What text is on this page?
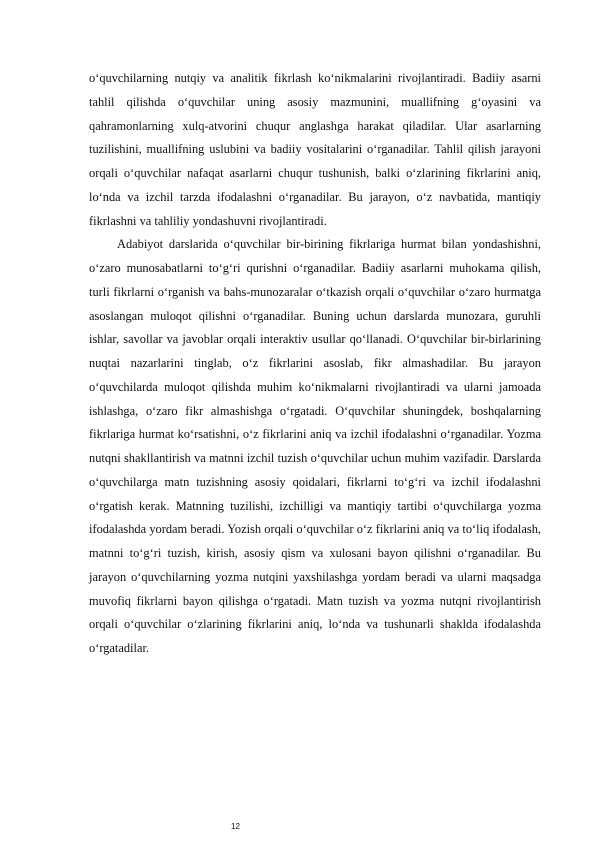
o‘quvchilarning nutqiy va analitik fikrlash ko‘nikmalarini rivojlantiradi. Badiiy asarni tahlil qilishda o‘quvchilar uning asosiy mazmunini, muallifning g‘oyasini va qahramonlarning xulq-atvorini chuqur anglashga harakat qiladilar. Ular asarlarning tuzilishini, muallifning uslubini va badiiy vositalarini o‘rganadilar. Tahlil qilish jarayoni orqali o‘quvchilar nafaqat asarlarni chuqur tushunish, balki o‘zlarining fikrlarini aniq, lo‘nda va izchil tarzda ifodalashni o‘rganadilar. Bu jarayon, o‘z navbatida, mantiqiy fikrlashni va tahliliy yondashuvni rivojlantiradi.

Adabiyot darslarida o‘quvchilar bir-birining fikrlariga hurmat bilan yondashishni, o‘zaro munosabatlarni to‘g‘ri qurishni o‘rganadilar. Badiiy asarlarni muhokama qilish, turli fikrlarni o‘rganish va bahs-munozaralar o‘tkazish orqali o‘quvchilar o‘zaro hurmatga asoslangan muloqot qilishni o‘rganadilar. Buning uchun darslarda munozara, guruhli ishlar, savollar va javoblar orqali interaktiv usullar qo‘llanadi. O‘quvchilar bir-birlarining nuqtai nazarlarini tinglab, o‘z fikrlarini asoslab, fikr almashadilar. Bu jarayon o‘quvchilarda muloqot qilishda muhim ko‘nikmalarni rivojlantiradi va ularni jamoada ishlashga, o‘zaro fikr almashishga o‘rgatadi. O‘quvchilar shuningdek, boshqalarning fikrlariga hurmat ko‘rsatishni, o‘z fikrlarini aniq va izchil ifodalashni o‘rganadilar. Yozma nutqni shakllantirish va matnni izchil tuzish o‘quvchilar uchun muhim vazifadir. Darslarda o‘quvchilarga matn tuzishning asosiy qoidalari, fikrlarni to‘g‘ri va izchil ifodalashni o‘rgatish kerak. Matnning tuzilishi, izchilligi va mantiqiy tartibi o‘quvchilarga yozma ifodalashda yordam beradi. Yozish orqali o‘quvchilar o‘z fikrlarini aniq va to‘liq ifodalash, matnni to‘g‘ri tuzish, kirish, asosiy qism va xulosani bayon qilishni o‘rganadilar. Bu jarayon o‘quvchilarning yozma nutqini yaxshilashga yordam beradi va ularni maqsadga muvofiq fikrlarni bayon qilishga o‘rgatadi. Matn tuzish va yozma nutqni rivojlantirish orqali o‘quvchilar o‘zlarining fikrlarini aniq, lo‘nda va tushunarli shaklda ifodalashda o‘rgatadilar.

12
